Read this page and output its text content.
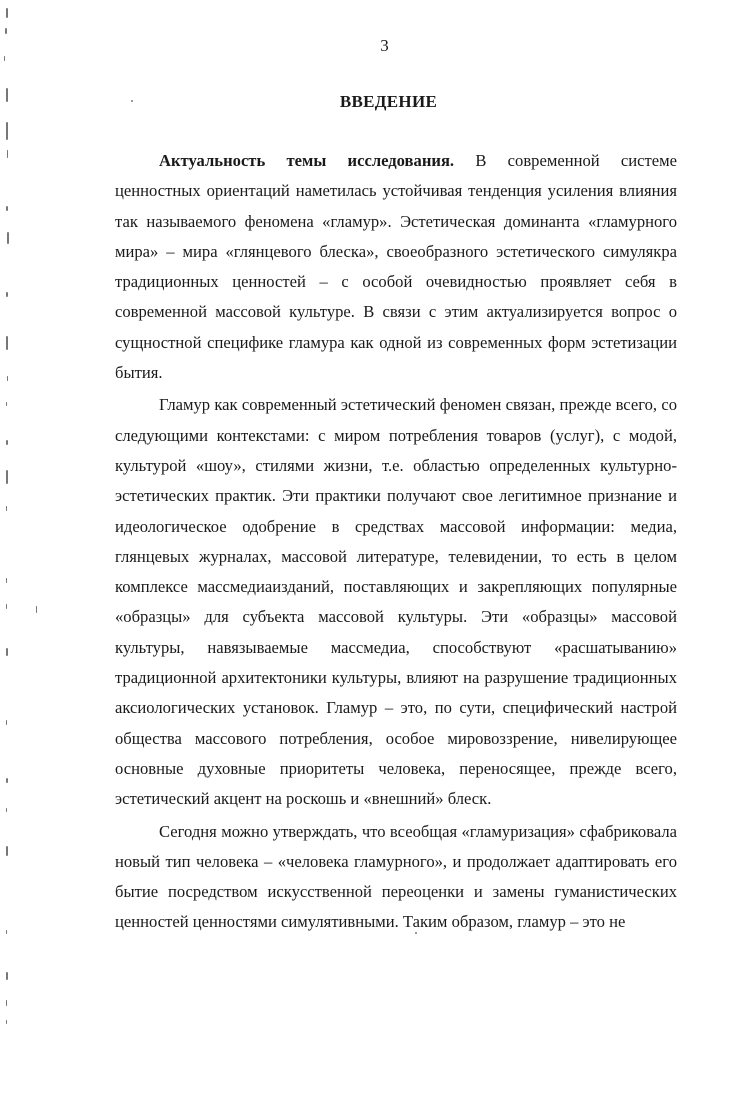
3
ВВЕДЕНИЕ

Актуальность темы исследования. В современной системе ценностных ориентаций наметилась устойчивая тенденция усиления влияния так называемого феномена «гламур». Эстетическая доминанта «гламурного мира» – мира «глянцевого блеска», своеобразного эстетического симулякра традиционных ценностей – с особой очевидностью проявляет себя в современной массовой культуре. В связи с этим актуализируется вопрос о сущностной специфике гламура как одной из современных форм эстетизации бытия.

Гламур как современный эстетический феномен связан, прежде всего, со следующими контекстами: с миром потребления товаров (услуг), с модой, культурой «шоу», стилями жизни, т.е. областью определенных культурно-эстетических практик. Эти практики получают свое легитимное признание и идеологическое одобрение в средствах массовой информации: медиа, глянцевых журналах, массовой литературе, телевидении, то есть в целом комплексе массмедиаизданий, поставляющих и закрепляющих популярные «образцы» для субъекта массовой культуры. Эти «образцы» массовой культуры, навязываемые массмедиа, способствуют «расшатыванию» традиционной архитектоники культуры, влияют на разрушение традиционных аксиологических установок. Гламур – это, по сути, специфический настрой общества массового потребления, особое мировоззрение, нивелирующее основные духовные приоритеты человека, переносящее, прежде всего, эстетический акцент на роскошь и «внешний» блеск.

Сегодня можно утверждать, что всеобщая «гламуризация» сфабриковала новый тип человека – «человека гламурного», и продолжает адаптировать его бытие посредством искусственной переоценки и замены гуманистических ценностей ценностями симулятивными. Таким образом, гламур – это не
